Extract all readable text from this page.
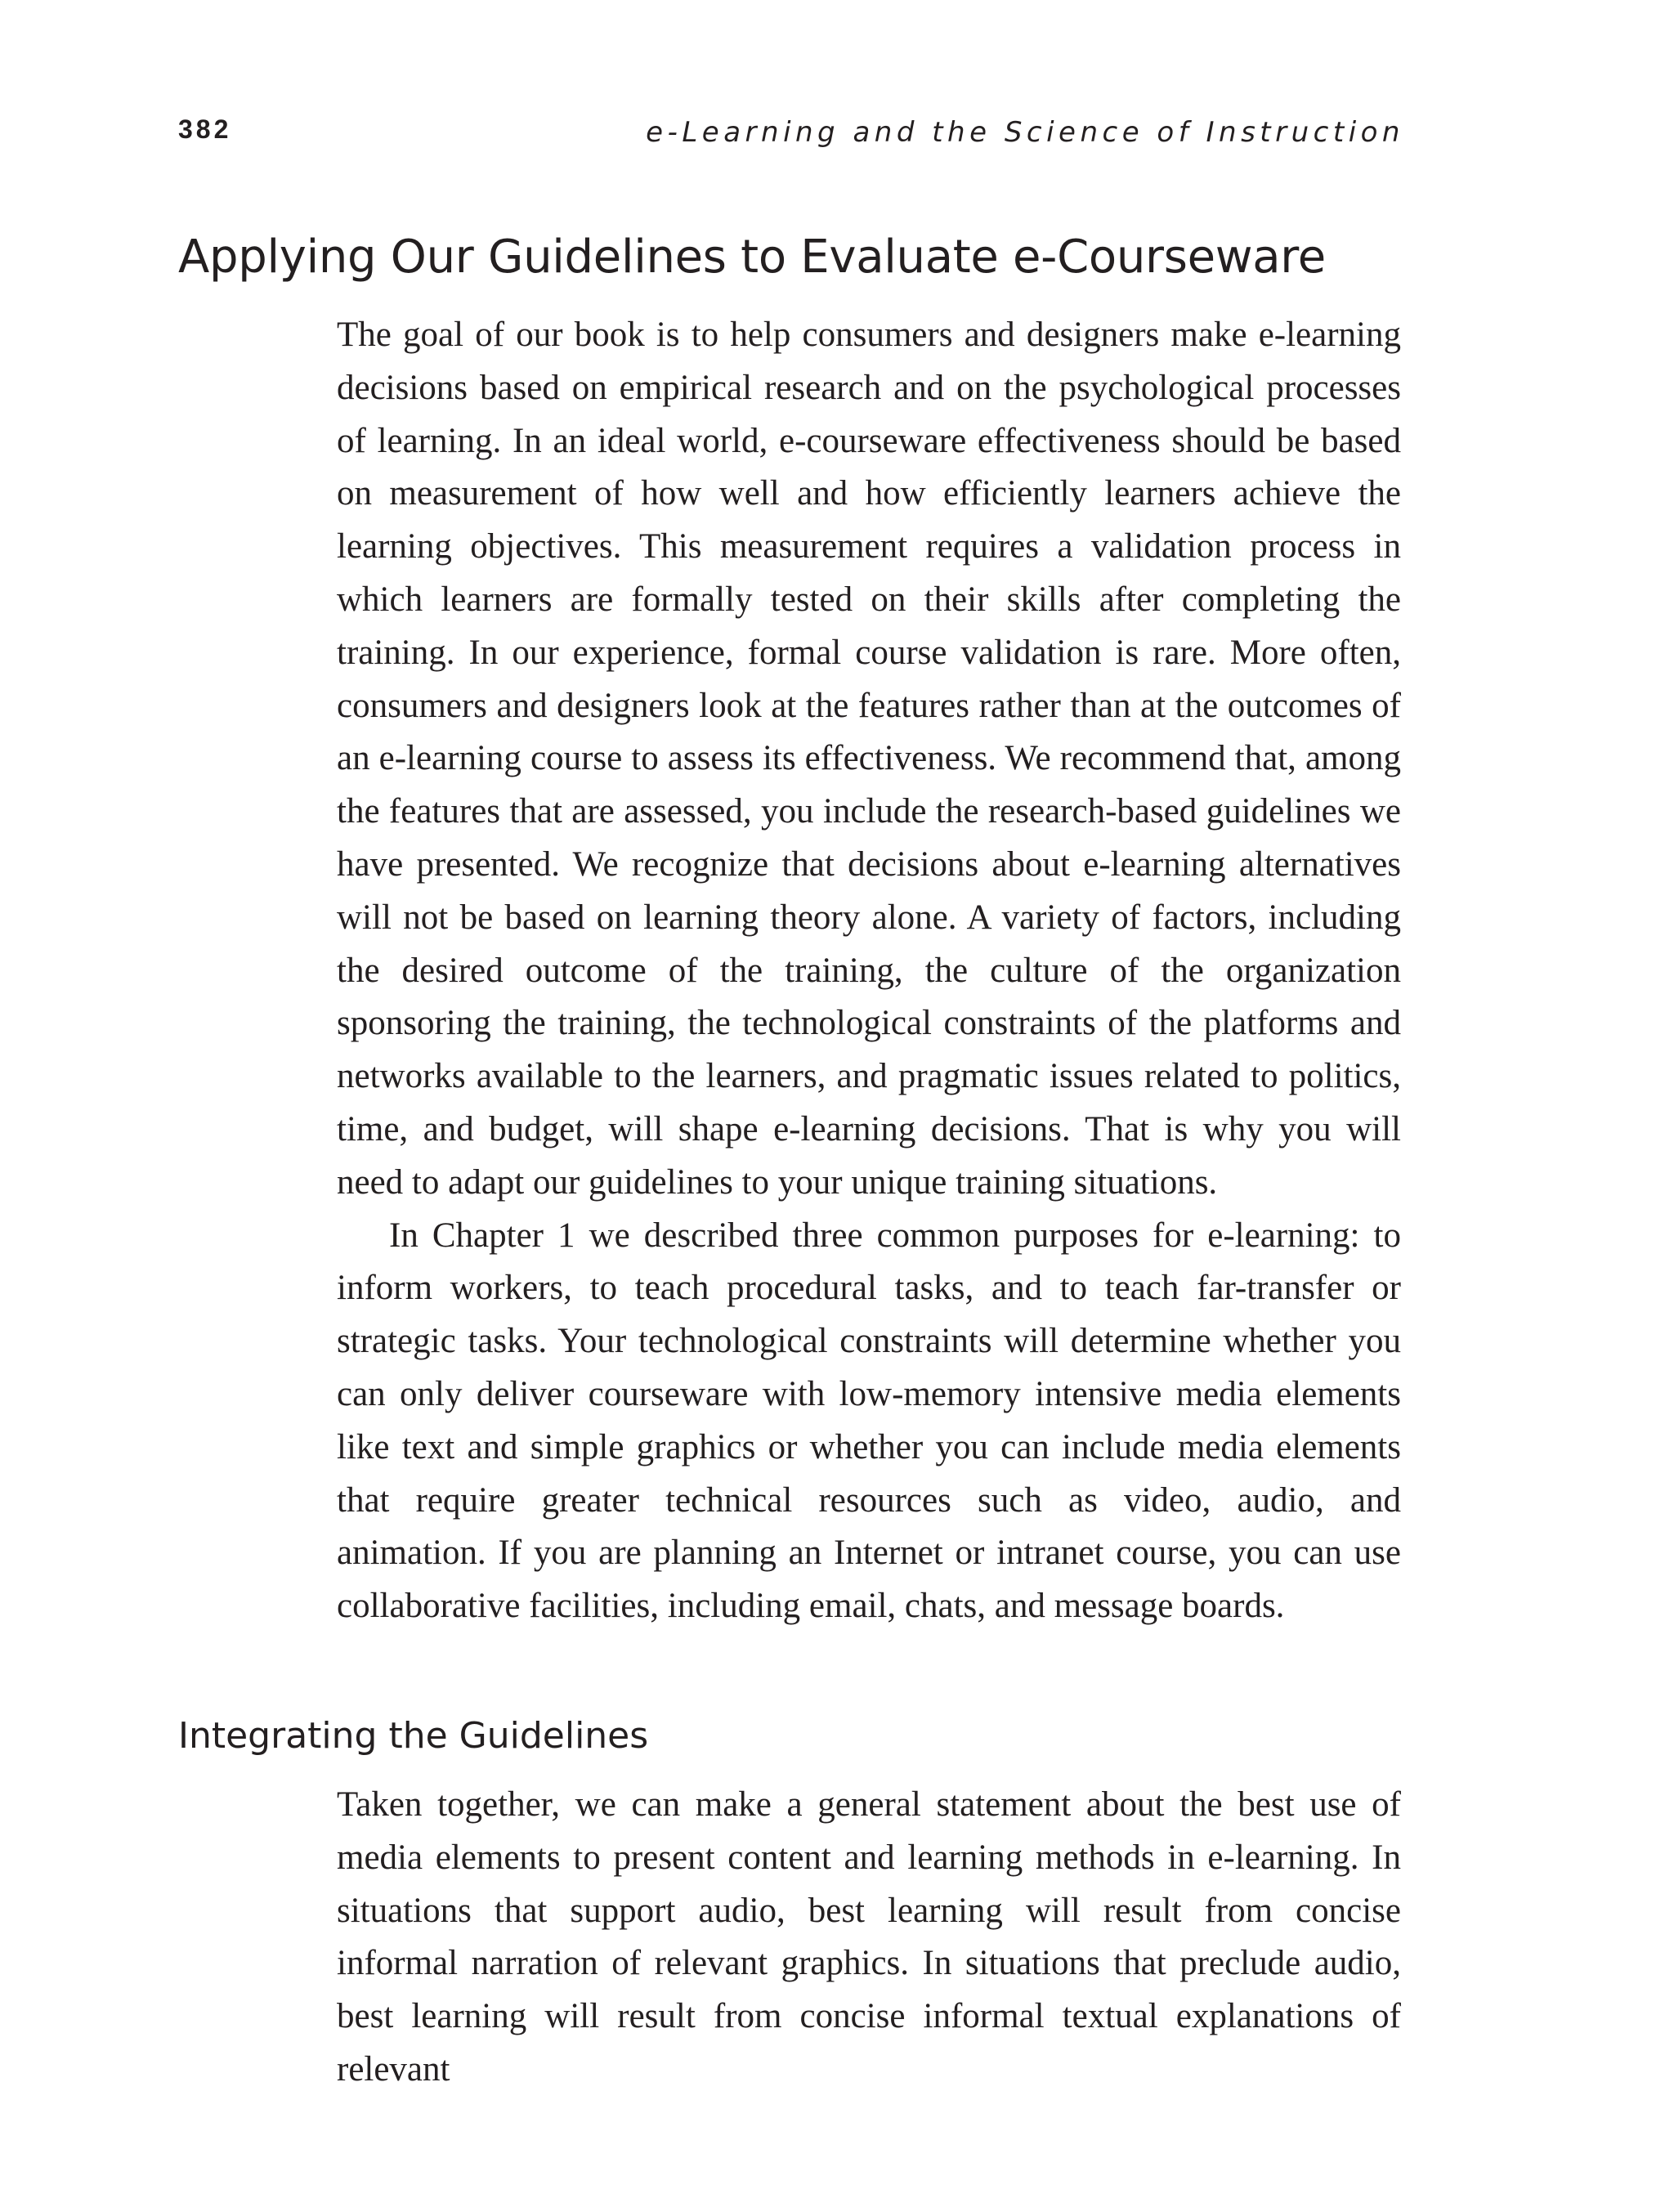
382	e-Learning and the Science of Instruction
Applying Our Guidelines to Evaluate e-Courseware

The goal of our book is to help consumers and designers make e-learning decisions based on empirical research and on the psychological processes of learning. In an ideal world, e-courseware effectiveness should be based on measurement of how well and how efficiently learners achieve the learning objectives. This measurement requires a validation process in which learners are formally tested on their skills after completing the training. In our experience, formal course validation is rare. More often, consumers and designers look at the features rather than at the outcomes of an e-learning course to assess its effectiveness. We recommend that, among the features that are assessed, you include the research-based guidelines we have presented. We recognize that decisions about e-learning alternatives will not be based on learning theory alone. A variety of factors, including the desired outcome of the training, the culture of the organization sponsoring the training, the technological constraints of the platforms and networks available to the learners, and pragmatic issues related to politics, time, and budget, will shape e-learning decisions. That is why you will need to adapt our guidelines to your unique training situations.

In Chapter 1 we described three common purposes for e-learning: to inform workers, to teach procedural tasks, and to teach far-transfer or strategic tasks. Your technological constraints will determine whether you can only deliver courseware with low-memory intensive media elements like text and simple graphics or whether you can include media elements that require greater technical resources such as video, audio, and animation. If you are planning an Internet or intranet course, you can use collaborative facilities, including email, chats, and message boards.

Integrating the Guidelines

Taken together, we can make a general statement about the best use of media elements to present content and learning methods in e-learning. In situations that support audio, best learning will result from concise informal narration of relevant graphics. In situations that preclude audio, best learning will result from concise informal textual explanations of relevant
